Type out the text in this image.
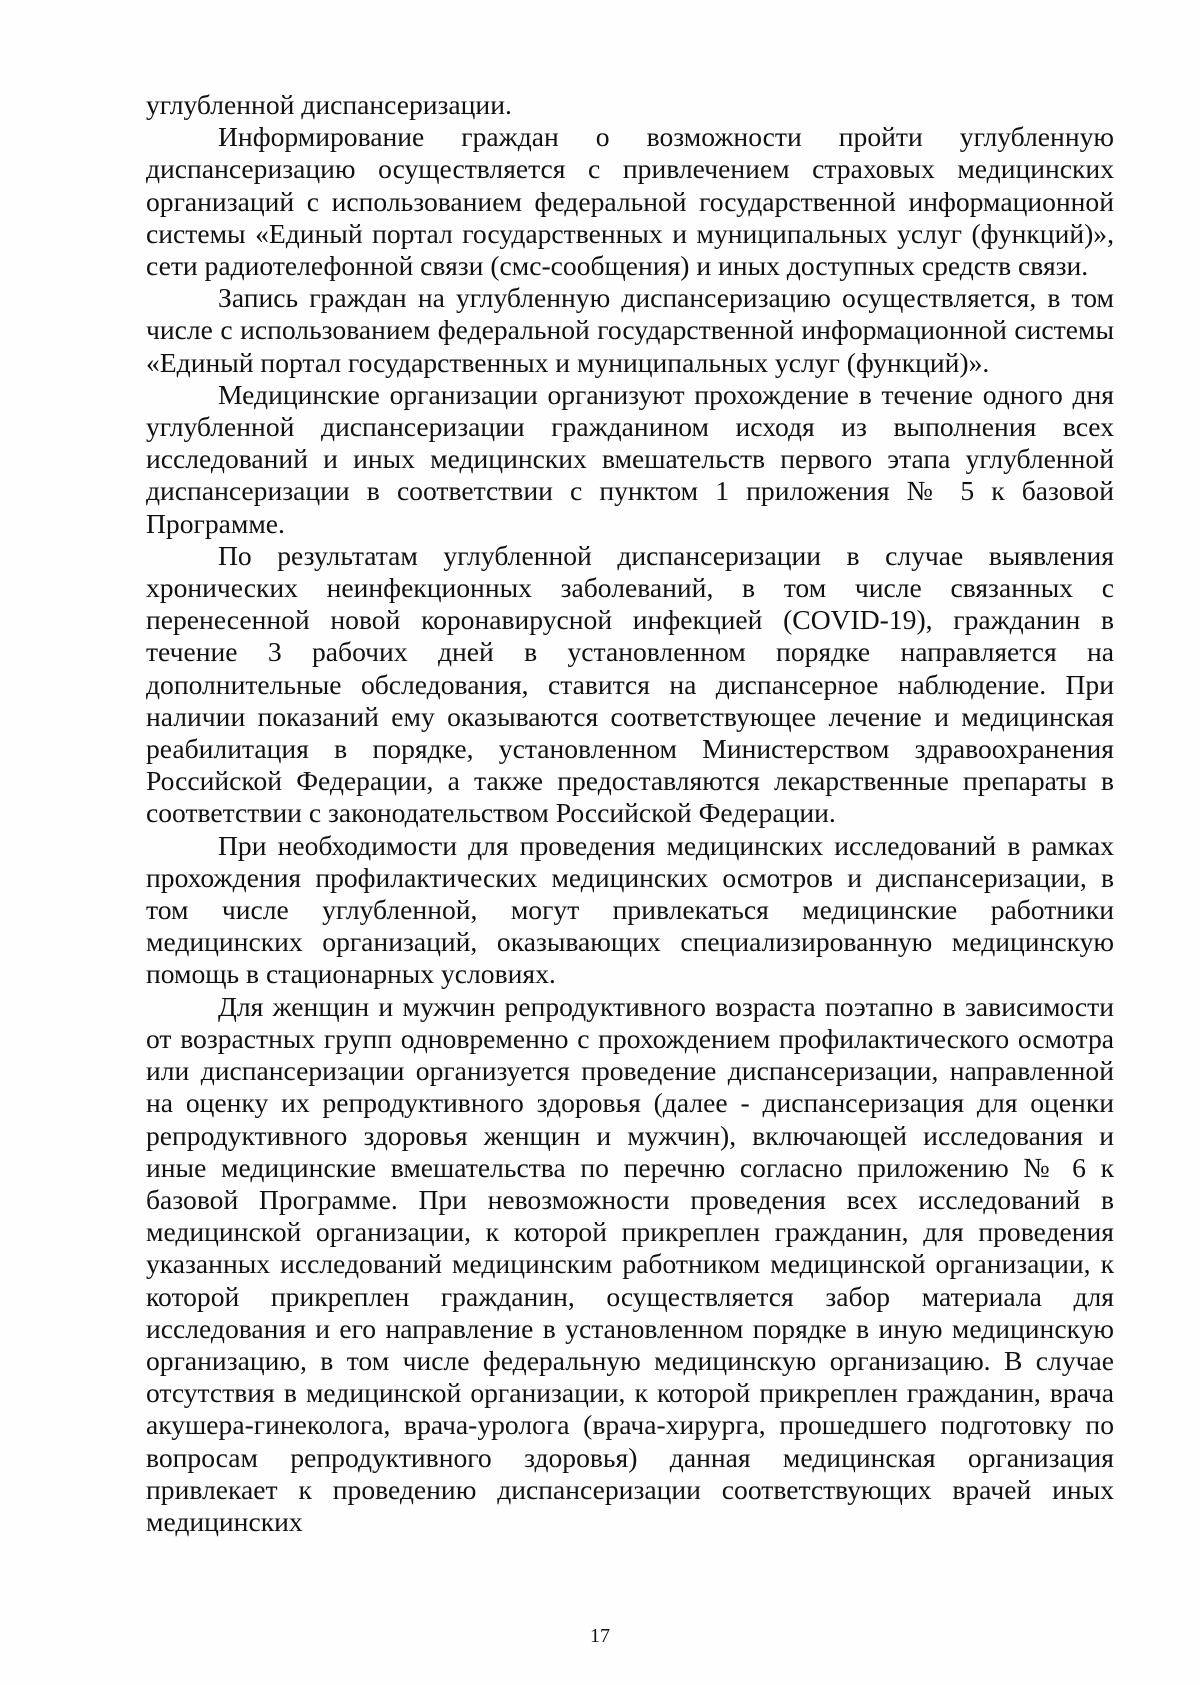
углубленной диспансеризации.

Информирование граждан о возможности пройти углубленную диспансеризацию осуществляется с привлечением страховых медицинских организаций с использованием федеральной государственной информационной системы «Единый портал государственных и муниципальных услуг (функций)», сети радиотелефонной связи (смс-сообщения) и иных доступных средств связи.

Запись граждан на углубленную диспансеризацию осуществляется, в том числе с использованием федеральной государственной информационной системы «Единый портал государственных и муниципальных услуг (функций)».

Медицинские организации организуют прохождение в течение одного дня углубленной диспансеризации гражданином исходя из выполнения всех исследований и иных медицинских вмешательств первого этапа углубленной диспансеризации в соответствии с пунктом 1 приложения № 5 к базовой Программе.

По результатам углубленной диспансеризации в случае выявления хронических неинфекционных заболеваний, в том числе связанных с перенесенной новой коронавирусной инфекцией (COVID-19), гражданин в течение 3 рабочих дней в установленном порядке направляется на дополнительные обследования, ставится на диспансерное наблюдение. При наличии показаний ему оказываются соответствующее лечение и медицинская реабилитация в порядке, установленном Министерством здравоохранения Российской Федерации, а также предоставляются лекарственные препараты в соответствии с законодательством Российской Федерации.

При необходимости для проведения медицинских исследований в рамках прохождения профилактических медицинских осмотров и диспансеризации, в том числе углубленной, могут привлекаться медицинские работники медицинских организаций, оказывающих специализированную медицинскую помощь в стационарных условиях.

Для женщин и мужчин репродуктивного возраста поэтапно в зависимости от возрастных групп одновременно с прохождением профилактического осмотра или диспансеризации организуется проведение диспансеризации, направленной на оценку их репродуктивного здоровья (далее - диспансеризация для оценки репродуктивного здоровья женщин и мужчин), включающей исследования и иные медицинские вмешательства по перечню согласно приложению № 6 к базовой Программе. При невозможности проведения всех исследований в медицинской организации, к которой прикреплен гражданин, для проведения указанных исследований медицинским работником медицинской организации, к которой прикреплен гражданин, осуществляется забор материала для исследования и его направление в установленном порядке в иную медицинскую организацию, в том числе федеральную медицинскую организацию. В случае отсутствия в медицинской организации, к которой прикреплен гражданин, врача акушера-гинеколога, врача-уролога (врача-хирурга, прошедшего подготовку по вопросам репродуктивного здоровья) данная медицинская организация привлекает к проведению диспансеризации соответствующих врачей иных медицинских

17
